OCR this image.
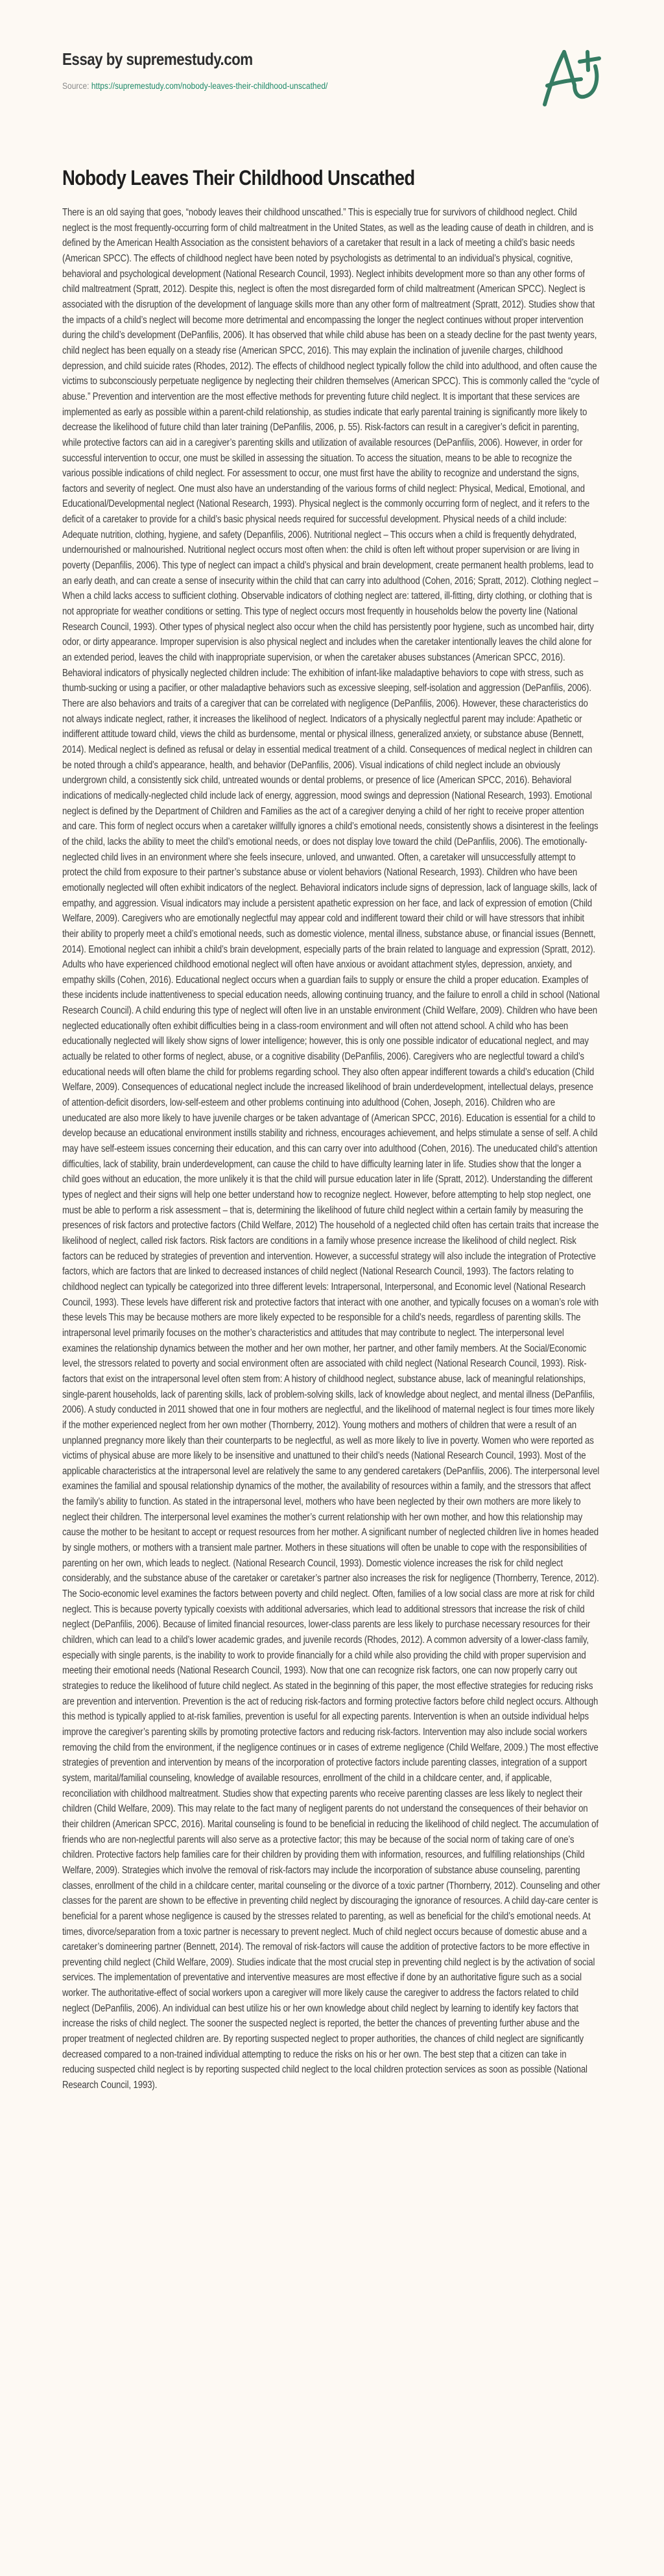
Essay by supremestudy.com
Source: https://supremestudy.com/nobody-leaves-their-childhood-unscathed/
Nobody Leaves Their Childhood Unscathed

There is an old saying that goes, “nobody leaves their childhood unscathed.” This is especially true for survivors of childhood neglect. Child neglect is the most frequently-occurring form of child maltreatment in the United States, as well as the leading cause of death in children, and is defined by the American Health Association as the consistent behaviors of a caretaker that result in a lack of meeting a child’s basic needs (American SPCC). The effects of childhood neglect have been noted by psychologists as detrimental to an individual’s physical, cognitive, behavioral and psychological development (National Research Council, 1993). Neglect inhibits development more so than any other forms of child maltreatment (Spratt, 2012). Despite this, neglect is often the most disregarded form of child maltreatment (American SPCC). Neglect is associated with the disruption of the development of language skills more than any other form of maltreatment (Spratt, 2012). Studies show that the impacts of a child’s neglect will become more detrimental and encompassing the longer the neglect continues without proper intervention during the child’s development (DePanfilis, 2006). It has observed that while child abuse has been on a steady decline for the past twenty years, child neglect has been equally on a steady rise (American SPCC, 2016). This may explain the inclination of juvenile charges, childhood depression, and child suicide rates (Rhodes, 2012). The effects of childhood neglect typically follow the child into adulthood, and often cause the victims to subconsciously perpetuate negligence by neglecting their children themselves (American SPCC). This is commonly called the “cycle of abuse.” Prevention and intervention are the most effective methods for preventing future child neglect. It is important that these services are implemented as early as possible within a parent-child relationship, as studies indicate that early parental training is significantly more likely to decrease the likelihood of future child than later training (DePanfilis, 2006, p. 55). Risk-factors can result in a caregiver’s deficit in parenting, while protective factors can aid in a caregiver’s parenting skills and utilization of available resources (DePanfilis, 2006). However, in order for successful intervention to occur, one must be skilled in assessing the situation. To access the situation, means to be able to recognize the various possible indications of child neglect. For assessment to occur, one must first have the ability to recognize and understand the signs, factors and severity of neglect. One must also have an understanding of the various forms of child neglect: Physical, Medical, Emotional, and Educational/Developmental neglect (National Research, 1993). Physical neglect is the commonly occurring form of neglect, and it refers to the deficit of a caretaker to provide for a child’s basic physical needs required for successful development. Physical needs of a child include: Adequate nutrition, clothing, hygiene, and safety (Depanfilis, 2006). Nutritional neglect – This occurs when a child is frequently dehydrated, undernourished or malnourished. Nutritional neglect occurs most often when: the child is often left without proper supervision or are living in poverty (Depanfilis, 2006). This type of neglect can impact a child’s physical and brain development, create permanent health problems, lead to an early death, and can create a sense of insecurity within the child that can carry into adulthood (Cohen, 2016; Spratt, 2012). Clothing neglect – When a child lacks access to sufficient clothing. Observable indicators of clothing neglect are: tattered, ill-fitting, dirty clothing, or clothing that is not appropriate for weather conditions or setting. This type of neglect occurs most frequently in households below the poverty line (National Research Council, 1993). Other types of physical neglect also occur when the child has persistently poor hygiene, such as uncombed hair, dirty odor, or dirty appearance. Improper supervision is also physical neglect and includes when the caretaker intentionally leaves the child alone for an extended period, leaves the child with inappropriate supervision, or when the caretaker abuses substances (American SPCC, 2016). Behavioral indicators of physically neglected children include: The exhibition of infant-like maladaptive behaviors to cope with stress, such as thumb-sucking or using a pacifier, or other maladaptive behaviors such as excessive sleeping, self-isolation and aggression (DePanfilis, 2006). There are also behaviors and traits of a caregiver that can be correlated with negligence (DePanfilis, 2006). However, these characteristics do not always indicate neglect, rather, it increases the likelihood of neglect. Indicators of a physically neglectful parent may include: Apathetic or indifferent attitude toward child, views the child as burdensome, mental or physical illness, generalized anxiety, or substance abuse (Bennett, 2014). Medical neglect is defined as refusal or delay in essential medical treatment of a child. Consequences of medical neglect in children can be noted through a child’s appearance, health, and behavior (DePanfilis, 2006). Visual indications of child neglect include an obviously undergrown child, a consistently sick child, untreated wounds or dental problems, or presence of lice (American SPCC, 2016). Behavioral indications of medically-neglected child include lack of energy, aggression, mood swings and depression (National Research, 1993). Emotional neglect is defined by the Department of Children and Families as the act of a caregiver denying a child of her right to receive proper attention and care. This form of neglect occurs when a caretaker willfully ignores a child’s emotional needs, consistently shows a disinterest in the feelings of the child, lacks the ability to meet the child’s emotional needs, or does not display love toward the child (DePanfilis, 2006). The emotionally-neglected child lives in an environment where she feels insecure, unloved, and unwanted. Often, a caretaker will unsuccessfully attempt to protect the child from exposure to their partner’s substance abuse or violent behaviors (National Research, 1993). Children who have been emotionally neglected will often exhibit indicators of the neglect. Behavioral indicators include signs of depression, lack of language skills, lack of empathy, and aggression. Visual indicators may include a persistent apathetic expression on her face, and lack of expression of emotion (Child Welfare, 2009). Caregivers who are emotionally neglectful may appear cold and indifferent toward their child or will have stressors that inhibit their ability to properly meet a child’s emotional needs, such as domestic violence, mental illness, substance abuse, or financial issues (Bennett, 2014). Emotional neglect can inhibit a child’s brain development, especially parts of the brain related to language and expression (Spratt, 2012). Adults who have experienced childhood emotional neglect will often have anxious or avoidant attachment styles, depression, anxiety, and empathy skills (Cohen, 2016). Educational neglect occurs when a guardian fails to supply or ensure the child a proper education. Examples of these incidents include inattentiveness to special education needs, allowing continuing truancy, and the failure to enroll a child in school (National Research Council). A child enduring this type of neglect will often live in an unstable environment (Child Welfare, 2009). Children who have been neglected educationally often exhibit difficulties being in a class-room environment and will often not attend school. A child who has been educationally neglected will likely show signs of lower intelligence; however, this is only one possible indicator of educational neglect, and may actually be related to other forms of neglect, abuse, or a cognitive disability (DePanfilis, 2006). Caregivers who are neglectful toward a child’s educational needs will often blame the child for problems regarding school. They also often appear indifferent towards a child’s education (Child Welfare, 2009). Consequences of educational neglect include the increased likelihood of brain underdevelopment, intellectual delays, presence of attention-deficit disorders, low-self-esteem and other problems continuing into adulthood (Cohen, Joseph, 2016). Children who are uneducated are also more likely to have juvenile charges or be taken advantage of (American SPCC, 2016). Education is essential for a child to develop because an educational environment instills stability and richness, encourages achievement, and helps stimulate a sense of self. A child may have self-esteem issues concerning their education, and this can carry over into adulthood (Cohen, 2016). The uneducated child’s attention difficulties, lack of stability, brain underdevelopment, can cause the child to have difficulty learning later in life. Studies show that the longer a child goes without an education, the more unlikely it is that the child will pursue education later in life (Spratt, 2012). Understanding the different types of neglect and their signs will help one better understand how to recognize neglect. However, before attempting to help stop neglect, one must be able to perform a risk assessment – that is, determining the likelihood of future child neglect within a certain family by measuring the presences of risk factors and protective factors (Child Welfare, 2012) The household of a neglected child often has certain traits that increase the likelihood of neglect, called risk factors. Risk factors are conditions in a family whose presence increase the likelihood of child neglect. Risk factors can be reduced by strategies of prevention and intervention. However, a successful strategy will also include the integration of Protective factors, which are factors that are linked to decreased instances of child neglect (National Research Council, 1993). The factors relating to childhood neglect can typically be categorized into three different levels: Intrapersonal, Interpersonal, and Economic level (National Research Council, 1993). These levels have different risk and protective factors that interact with one another, and typically focuses on a woman’s role with these levels This may be because mothers are more likely expected to be responsible for a child’s needs, regardless of parenting skills. The intrapersonal level primarily focuses on the mother’s characteristics and attitudes that may contribute to neglect. The interpersonal level examines the relationship dynamics between the mother and her own mother, her partner, and other family members. At the Social/Economic level, the stressors related to poverty and social environment often are associated with child neglect (National Research Council, 1993). Risk-factors that exist on the intrapersonal level often stem from: A history of childhood neglect, substance abuse, lack of meaningful relationships, single-parent households, lack of parenting skills, lack of problem-solving skills, lack of knowledge about neglect, and mental illness (DePanfilis, 2006). A study conducted in 2011 showed that one in four mothers are neglectful, and the likelihood of maternal neglect is four times more likely if the mother experienced neglect from her own mother (Thornberry, 2012). Young mothers and mothers of children that were a result of an unplanned pregnancy more likely than their counterparts to be neglectful, as well as more likely to live in poverty. Women who were reported as victims of physical abuse are more likely to be insensitive and unattuned to their child’s needs (National Research Council, 1993). Most of the applicable characteristics at the intrapersonal level are relatively the same to any gendered caretakers (DePanfilis, 2006). The interpersonal level examines the familial and spousal relationship dynamics of the mother, the availability of resources within a family, and the stressors that affect the family’s ability to function. As stated in the intrapersonal level, mothers who have been neglected by their own mothers are more likely to neglect their children. The interpersonal level examines the mother’s current relationship with her own mother, and how this relationship may cause the mother to be hesitant to accept or request resources from her mother. A significant number of neglected children live in homes headed by single mothers, or mothers with a transient male partner. Mothers in these situations will often be unable to cope with the responsibilities of parenting on her own, which leads to neglect. (National Research Council, 1993). Domestic violence increases the risk for child neglect considerably, and the substance abuse of the caretaker or caretaker’s partner also increases the risk for negligence (Thornberry, Terence, 2012). The Socio-economic level examines the factors between poverty and child neglect. Often, families of a low social class are more at risk for child neglect. This is because poverty typically coexists with additional adversaries, which lead to additional stressors that increase the risk of child neglect (DePanfilis, 2006). Because of limited financial resources, lower-class parents are less likely to purchase necessary resources for their children, which can lead to a child’s lower academic grades, and juvenile records (Rhodes, 2012). A common adversity of a lower-class family, especially with single parents, is the inability to work to provide financially for a child while also providing the child with proper supervision and meeting their emotional needs (National Research Council, 1993). Now that one can recognize risk factors, one can now properly carry out strategies to reduce the likelihood of future child neglect. As stated in the beginning of this paper, the most effective strategies for reducing risks are prevention and intervention. Prevention is the act of reducing risk-factors and forming protective factors before child neglect occurs. Although this method is typically applied to at-risk families, prevention is useful for all expecting parents. Intervention is when an outside individual helps improve the caregiver’s parenting skills by promoting protective factors and reducing risk-factors. Intervention may also include social workers removing the child from the environment, if the negligence continues or in cases of extreme negligence (Child Welfare, 2009.) The most effective strategies of prevention and intervention by means of the incorporation of protective factors include parenting classes, integration of a support system, marital/familial counseling, knowledge of available resources, enrollment of the child in a childcare center, and, if applicable, reconciliation with childhood maltreatment. Studies show that expecting parents who receive parenting classes are less likely to neglect their children (Child Welfare, 2009). This may relate to the fact many of negligent parents do not understand the consequences of their behavior on their children (American SPCC, 2016). Marital counseling is found to be beneficial in reducing the likelihood of child neglect. The accumulation of friends who are non-neglectful parents will also serve as a protective factor; this may be because of the social norm of taking care of one’s children. Protective factors help families care for their children by providing them with information, resources, and fulfilling relationships (Child Welfare, 2009). Strategies which involve the removal of risk-factors may include the incorporation of substance abuse counseling, parenting classes, enrollment of the child in a childcare center, marital counseling or the divorce of a toxic partner (Thornberry, 2012). Counseling and other classes for the parent are shown to be effective in preventing child neglect by discouraging the ignorance of resources. A child day-care center is beneficial for a parent whose negligence is caused by the stresses related to parenting, as well as beneficial for the child’s emotional needs. At times, divorce/separation from a toxic partner is necessary to prevent neglect. Much of child neglect occurs because of domestic abuse and a caretaker’s domineering partner (Bennett, 2014). The removal of risk-factors will cause the addition of protective factors to be more effective in preventing child neglect (Child Welfare, 2009). Studies indicate that the most crucial step in preventing child neglect is by the activation of social services. The implementation of preventative and interventive measures are most effective if done by an authoritative figure such as a social worker. The authoritative-effect of social workers upon a caregiver will more likely cause the caregiver to address the factors related to child neglect (DePanfilis, 2006). An individual can best utilize his or her own knowledge about child neglect by learning to identify key factors that increase the risks of child neglect. The sooner the suspected neglect is reported, the better the chances of preventing further abuse and the proper treatment of neglected children are. By reporting suspected neglect to proper authorities, the chances of child neglect are significantly decreased compared to a non-trained individual attempting to reduce the risks on his or her own. The best step that a citizen can take in reducing suspected child neglect is by reporting suspected child neglect to the local children protection services as soon as possible (National Research Council, 1993).
